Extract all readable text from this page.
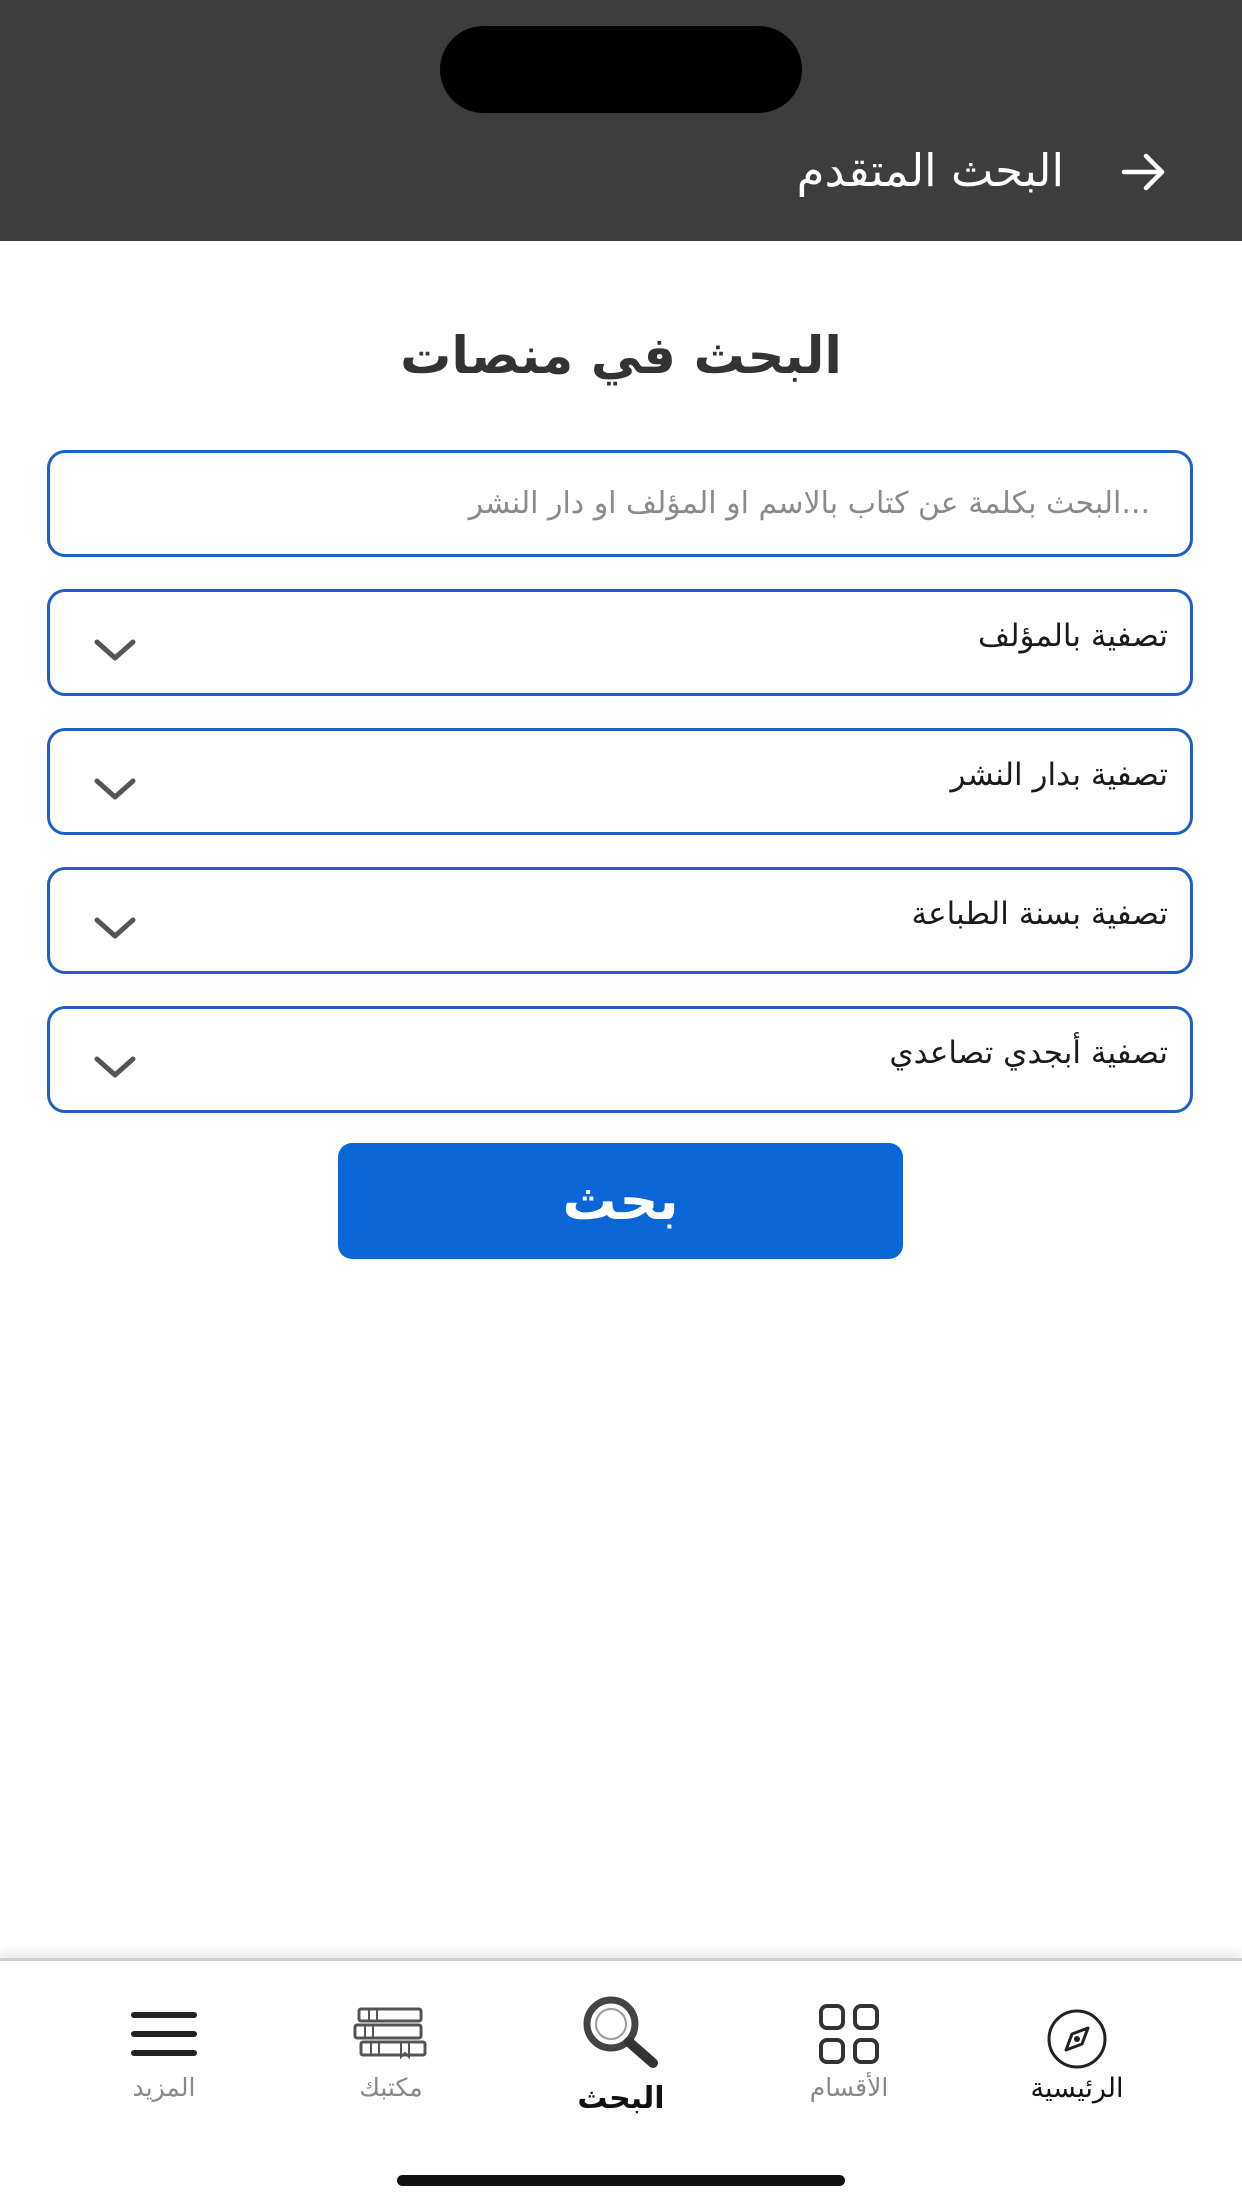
البحث المتقدم
البحث في منصات
...البحث بكلمة عن كتاب بالاسم او المؤلف او دار النشر
تصفية بالمؤلف
تصفية بدار النشر
تصفية بسنة الطباعة
تصفية أبجدي تصاعدي
بحث
الرئيسية
الأقسام
البحث
مكتبك
المزيد
